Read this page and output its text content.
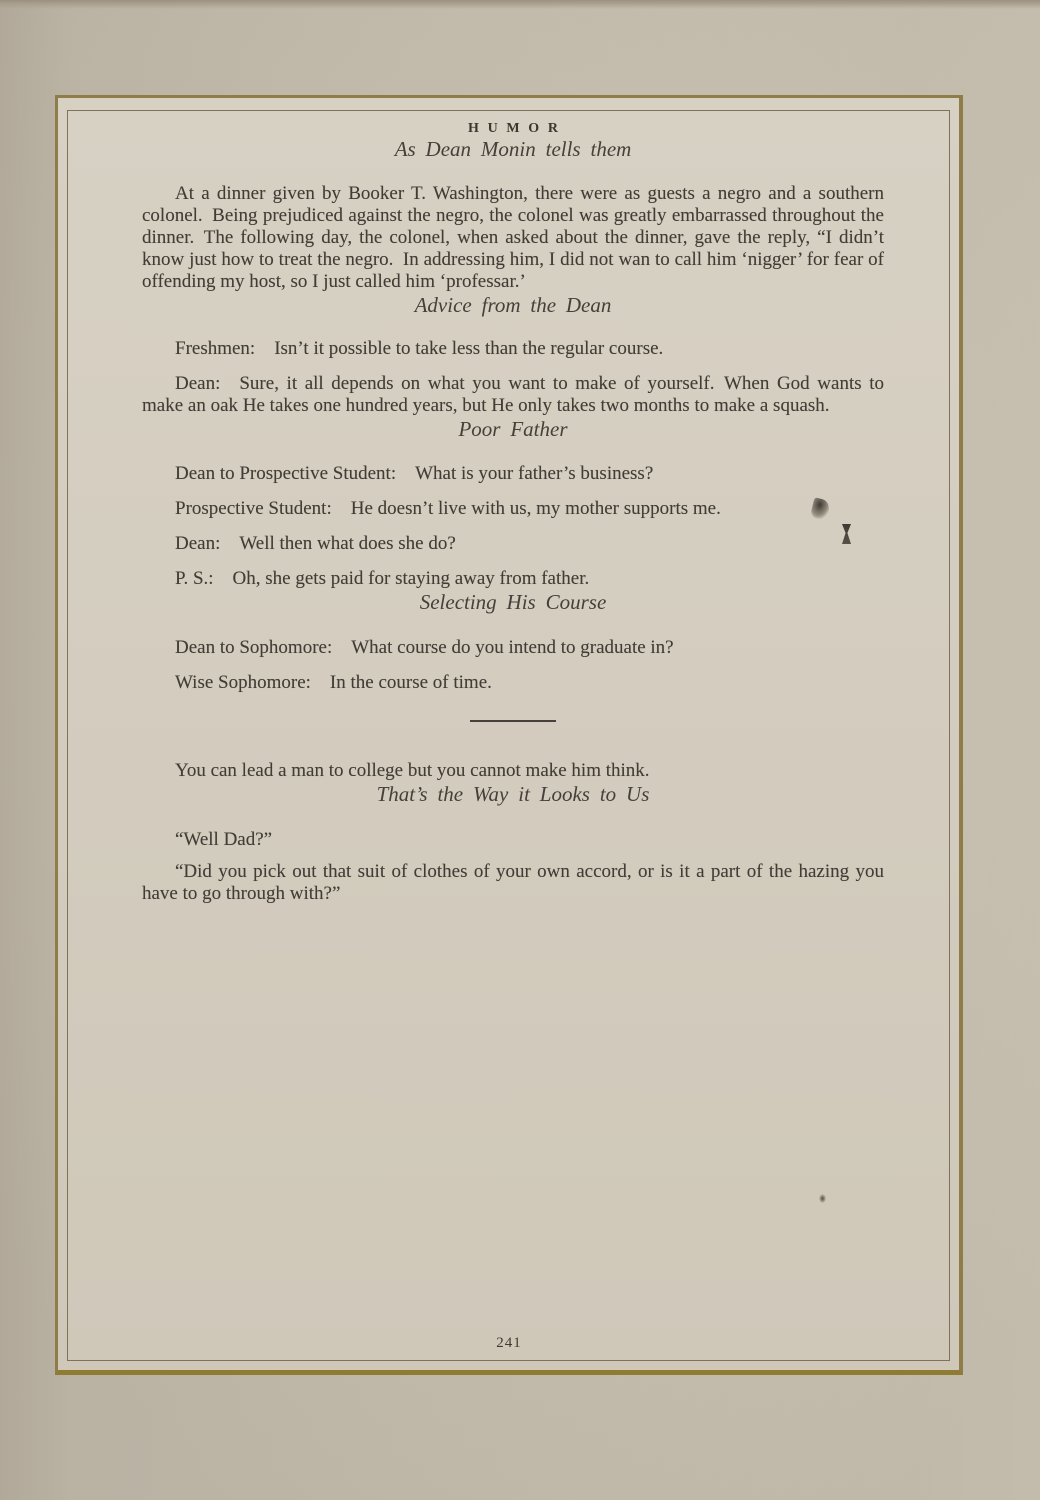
HUMOR
As Dean Monin tells them

At a dinner given by Booker T. Washington, there were as guests a negro and a southern colonel. Being prejudiced against the negro, the colonel was greatly embarrassed throughout the dinner. The following day, the colonel, when asked about the dinner, gave the reply, “I didn’t know just how to treat the negro. In addressing him, I did not wan to call him ‘nigger’ for fear of offending my host, so I just called him ‘professar.’

Advice from the Dean

Freshmen: Isn’t it possible to take less than the regular course.

Dean: Sure, it all depends on what you want to make of yourself. When God wants to make an oak He takes one hundred years, but He only takes two months to make a squash.

Poor Father

Dean to Prospective Student: What is your father’s business?

Prospective Student: He doesn’t live with us, my mother supports me.

Dean: Well then what does she do?

P. S.: Oh, she gets paid for staying away from father.

Selecting His Course

Dean to Sophomore: What course do you intend to graduate in?

Wise Sophomore: In the course of time.

You can lead a man to college but you cannot make him think.

That’s the Way it Looks to Us

“Well Dad?”

“Did you pick out that suit of clothes of your own accord, or is it a part of the hazing you have to go through with?”

241
